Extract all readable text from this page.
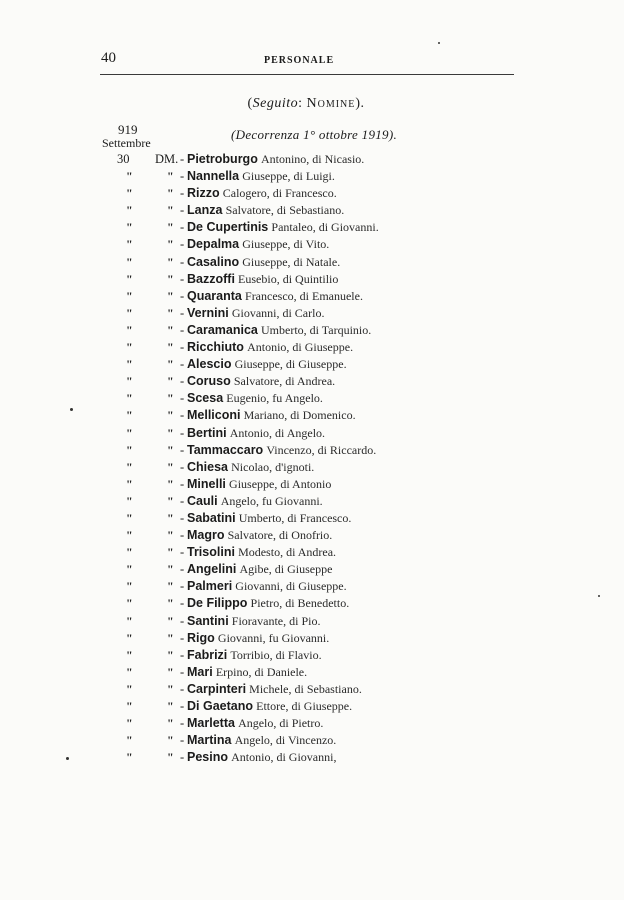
40	PERSONALE
(Seguito: Nomine).
919
Settembre
(Decorrenza 1° ottobre 1919).
30 DM. - Pietroburgo Antonino, di Nicasio.
"	" - Nannella Giuseppe, di Luigi.
"	" - Rizzo Calogero, di Francesco.
"	" - Lanza Salvatore, di Sebastiano.
"	" - De Cupertinis Pantaleo, di Giovanni.
"	" - Depalma Giuseppe, di Vito.
"	" - Casalino Giuseppe, di Natale.
"	" - Bazzoffi Eusebio, di Quintilio
"	" - Quaranta Francesco, di Emanuele.
"	" - Vernini Giovanni, di Carlo.
"	" - Caramanica Umberto, di Tarquinio.
"	" - Ricchiuto Antonio, di Giuseppe.
"	" - Alescio Giuseppe, di Giuseppe.
"	" - Coruso Salvatore, di Andrea.
"	" - Scesa Eugenio, fu Angelo.
"	" - Melliconi Mariano, di Domenico.
"	" - Bertini Antonio, di Angelo.
"	" - Tammaccaro Vincenzo, di Riccardo.
"	" - Chiesa Nicolao, d'ignoti.
"	" - Minelli Giuseppe, di Antonio
"	" - Cauli Angelo, fu Giovanni.
"	" - Sabatini Umberto, di Francesco.
"	" - Magro Salvatore, di Onofrio.
"	" - Trisolini Modesto, di Andrea.
"	" - Angelini Agibe, di Giuseppe
"	" - Palmeri Giovanni, di Giuseppe.
"	" - De Filippo Pietro, di Benedetto.
"	" - Santini Fioravante, di Pio.
"	" - Rigo Giovanni, fu Giovanni.
"	" - Fabrizi Torribio, di Flavio.
"	" - Mari Erpino, di Daniele.
"	" - Carpinteri Michele, di Sebastiano.
"	" - Di Gaetano Ettore, di Giuseppe.
"	" - Marletta Angelo, di Pietro.
"	" - Martina Angelo, di Vincenzo.
"	" - Pesino Antonio, di Giovanni,
